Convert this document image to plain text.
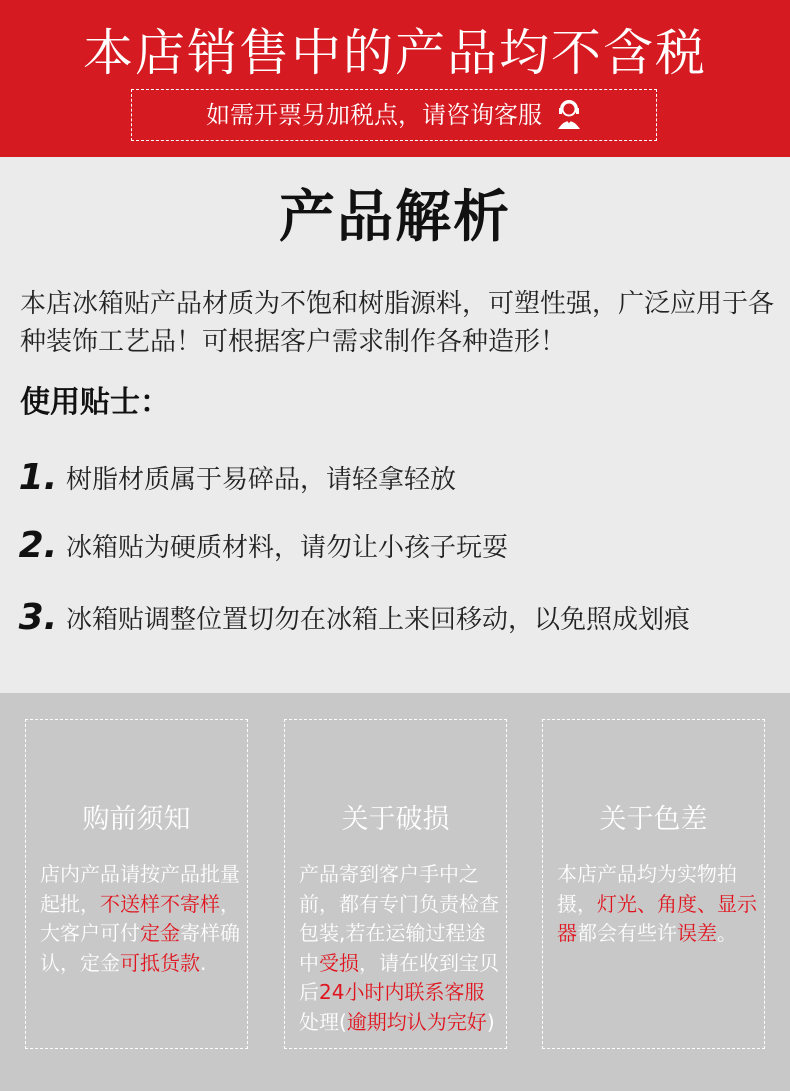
本店销售中的产品均不含税
如需开票另加税点，请咨询客服
产品解析

本店冰箱贴产品材质为不饱和树脂源料，可塑性强，广泛应用于各种装饰工艺品！可根据客户需求制作各种造形！

使用贴士：
1. 树脂材质属于易碎品，请轻拿轻放
2. 冰箱贴为硬质材料，请勿让小孩子玩耍
3. 冰箱贴调整位置切勿在冰箱上来回移动，以免照成划痕
购前须知
店内产品请按产品批量起批，不送样不寄样，大客户可付定金寄样确认，定金可抵货款.
关于破损
产品寄到客户手中之前，都有专门负责检查包装,若在运输过程途中受损，请在收到宝贝后24小时内联系客服处理(逾期均认为完好)
关于色差
本店产品均为实物拍摄，灯光、角度、显示器都会有些许误差。
